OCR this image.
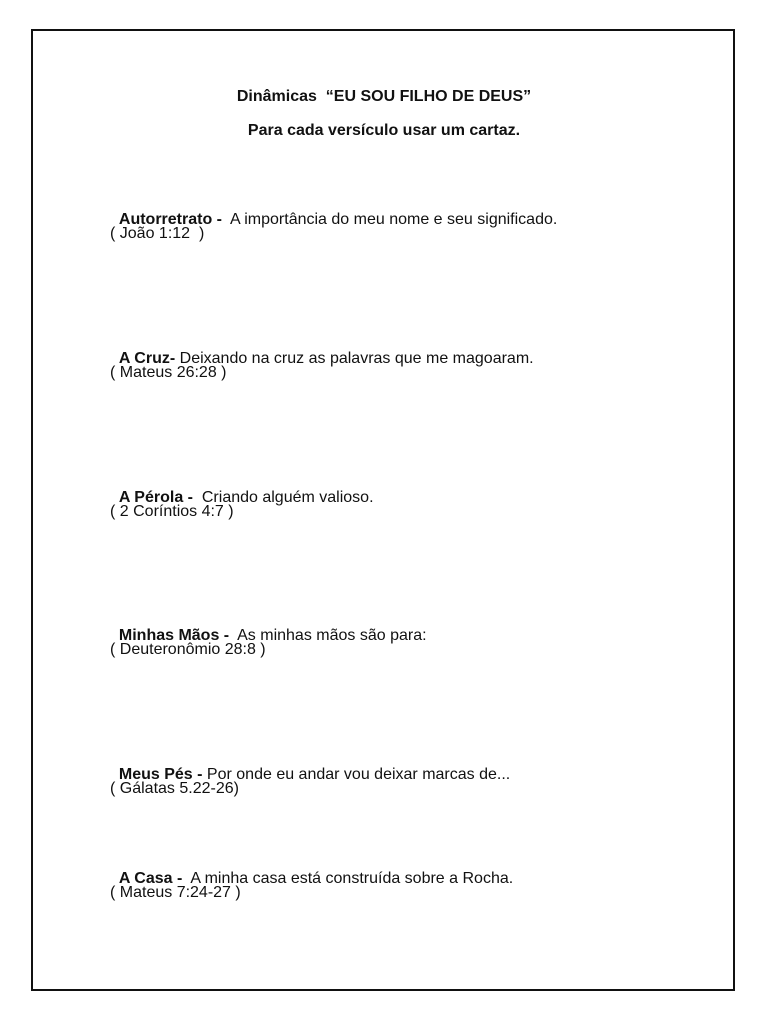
Dinâmicas  “EU SOU FILHO DE DEUS”
Para cada versículo usar um cartaz.

Autorretrato -  A importância do meu nome e seu significado.

( João 1:12  )

A Cruz- Deixando na cruz as palavras que me magoaram.

( Mateus 26:28 )

A Pérola -  Criando alguém valioso.

( 2 Coríntios 4:7 )

Minhas Mãos -  As minhas mãos são para:

( Deuteronômio 28:8 )

Meus Pés - Por onde eu andar vou deixar marcas de...

( Gálatas 5.22-26)

A Casa -  A minha casa está construída sobre a Rocha.

( Mateus 7:24-27 )
